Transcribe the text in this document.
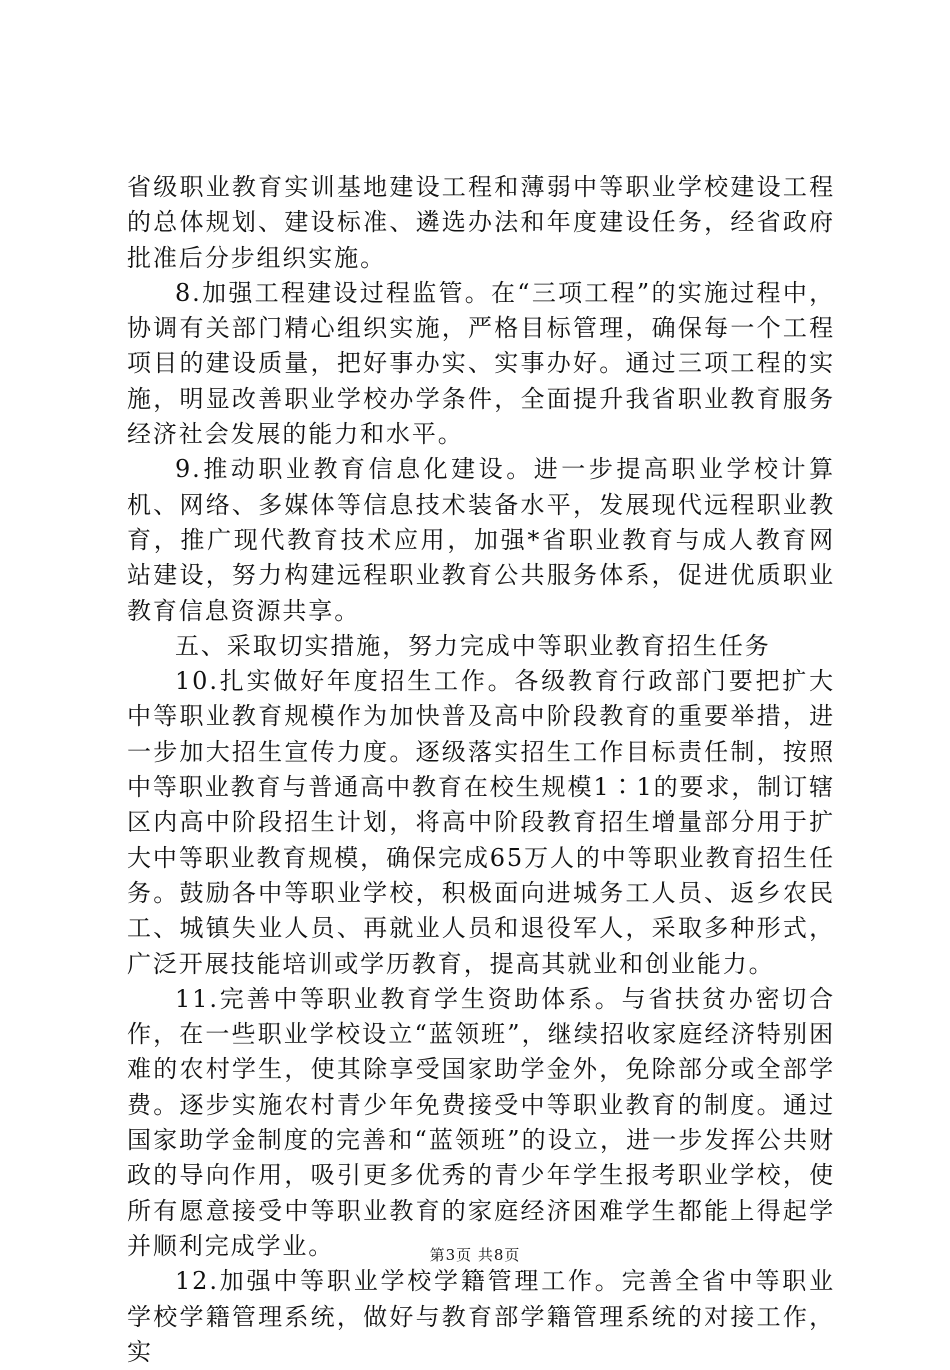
省级职业教育实训基地建设工程和薄弱中等职业学校建设工程的总体规划、建设标准、遴选办法和年度建设任务，经省政府批准后分步组织实施。

8.加强工程建设过程监管。在“三项工程”的实施过程中，协调有关部门精心组织实施，严格目标管理，确保每一个工程项目的建设质量，把好事办实、实事办好。通过三项工程的实施，明显改善职业学校办学条件，全面提升我省职业教育服务经济社会发展的能力和水平。

9.推动职业教育信息化建设。进一步提高职业学校计算机、网络、多媒体等信息技术装备水平，发展现代远程职业教育，推广现代教育技术应用，加强*省职业教育与成人教育网站建设，努力构建远程职业教育公共服务体系，促进优质职业教育信息资源共享。

五、采取切实措施，努力完成中等职业教育招生任务

10.扎实做好年度招生工作。各级教育行政部门要把扩大中等职业教育规模作为加快普及高中阶段教育的重要举措，进一步加大招生宣传力度。逐级落实招生工作目标责任制，按照中等职业教育与普通高中教育在校生规模1∶1的要求，制订辖区内高中阶段招生计划，将高中阶段教育招生增量部分用于扩大中等职业教育规模，确保完成65万人的中等职业教育招生任务。鼓励各中等职业学校，积极面向进城务工人员、返乡农民工、城镇失业人员、再就业人员和退役军人，采取多种形式，广泛开展技能培训或学历教育，提高其就业和创业能力。

11.完善中等职业教育学生资助体系。与省扶贫办密切合作，在一些职业学校设立“蓝领班”，继续招收家庭经济特别困难的农村学生，使其除享受国家助学金外，免除部分或全部学费。逐步实施农村青少年免费接受中等职业教育的制度。通过国家助学金制度的完善和“蓝领班”的设立，进一步发挥公共财政的导向作用，吸引更多优秀的青少年学生报考职业学校，使所有愿意接受中等职业教育的家庭经济困难学生都能上得起学并顺利完成学业。

12.加强中等职业学校学籍管理工作。完善全省中等职业学校学籍管理系统，做好与教育部学籍管理系统的对接工作，实

第3页 共8页
